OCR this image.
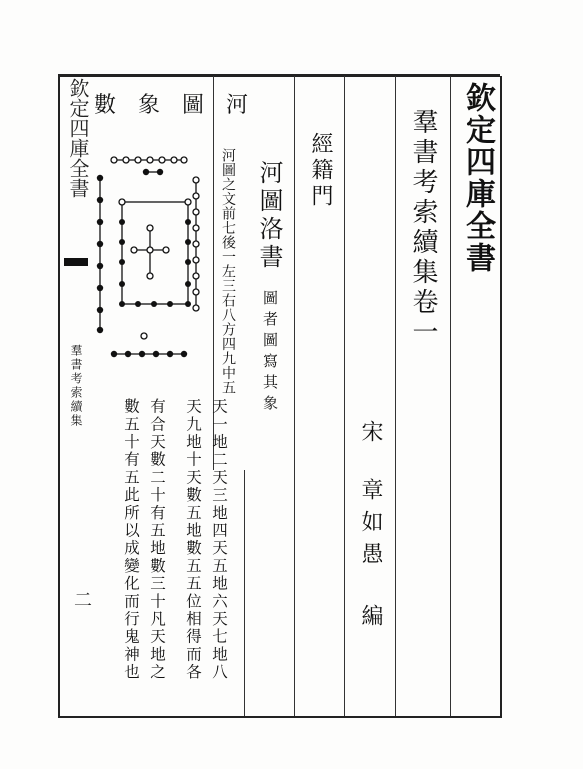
欽定四庫全書
羣書考索續集
二
欽定四庫全書
羣書考索續集卷一
宋
章如愚
編
經籍門
河圖洛書
圖者圖寫其象
河圖之文前七後一左三右八方四九中五
天一地二天三地四天五地六天七地八
天九地十天數五地數五五位相得而各
有合天數二十有五地數三十凡天地之
數五十有五此所以成變化而行鬼神也
河圖象數
